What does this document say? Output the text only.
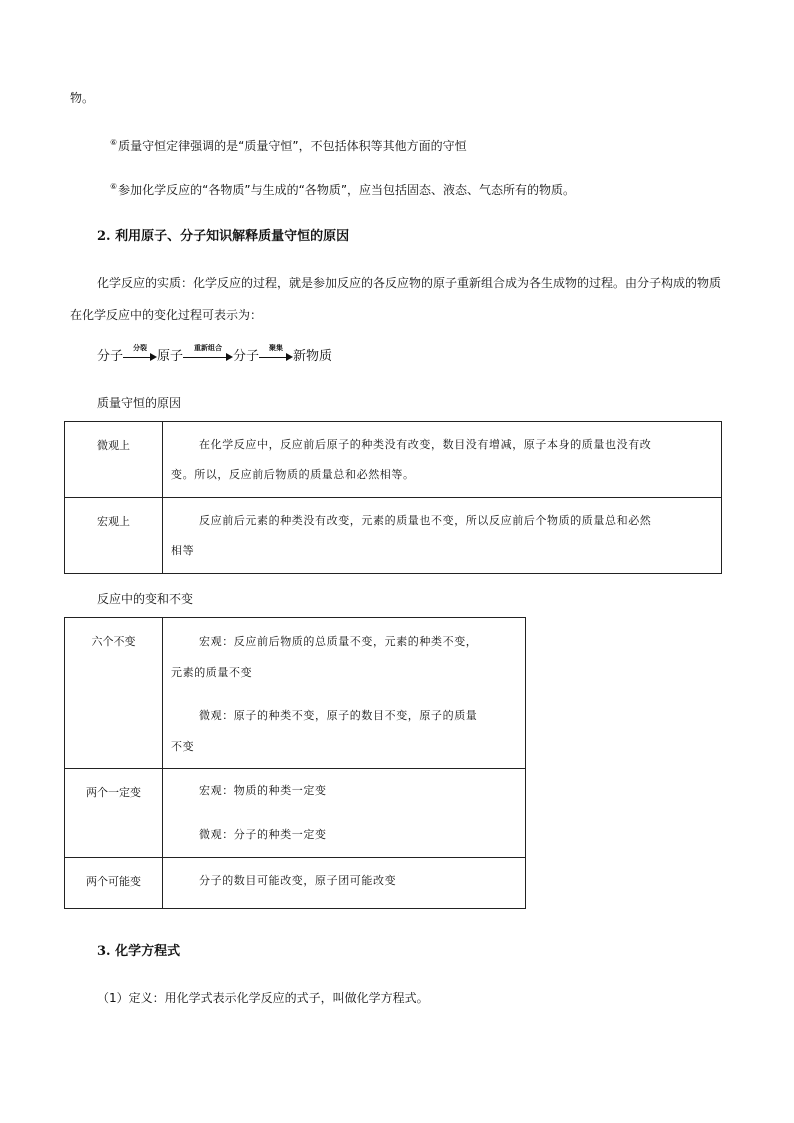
物。
⑥质量守恒定律强调的是“质量守恒”，不包括体积等其他方面的守恒
⑥参加化学反应的“各物质”与生成的“各物质”，应当包括固态、液态、气态所有的物质。
2. 利用原子、分子知识解释质量守恒的原因
化学反应的实质：化学反应的过程，就是参加反应的各反应物的原子重新组合成为各生成物的过程。由分子构成的物质
在化学反应中的变化过程可表示为：
分子
分裂
原子
重新组合
分子
聚集
新物质
质量守恒的原因
微观上	在化学反应中，反应前后原子的种类没有改变，数目没有增减，原子本身的质量也没有改
变。所以，反应前后物质的质量总和必然相等。

宏观上	反应前后元素的种类没有改变，元素的质量也不变，所以反应前后个物质的质量总和必然
相等
反应中的变和不变
六个不变	宏观：反应前后物质的总质量不变，元素的种类不变，
元素的质量不变
微观：原子的种类不变，原子的数目不变，原子的质量
不变

两个一定变	宏观：物质的种类一定变
微观：分子的种类一定变

两个可能变	分子的数目可能改变，原子团可能改变
3. 化学方程式
（1）定义：用化学式表示化学反应的式子，叫做化学方程式。
